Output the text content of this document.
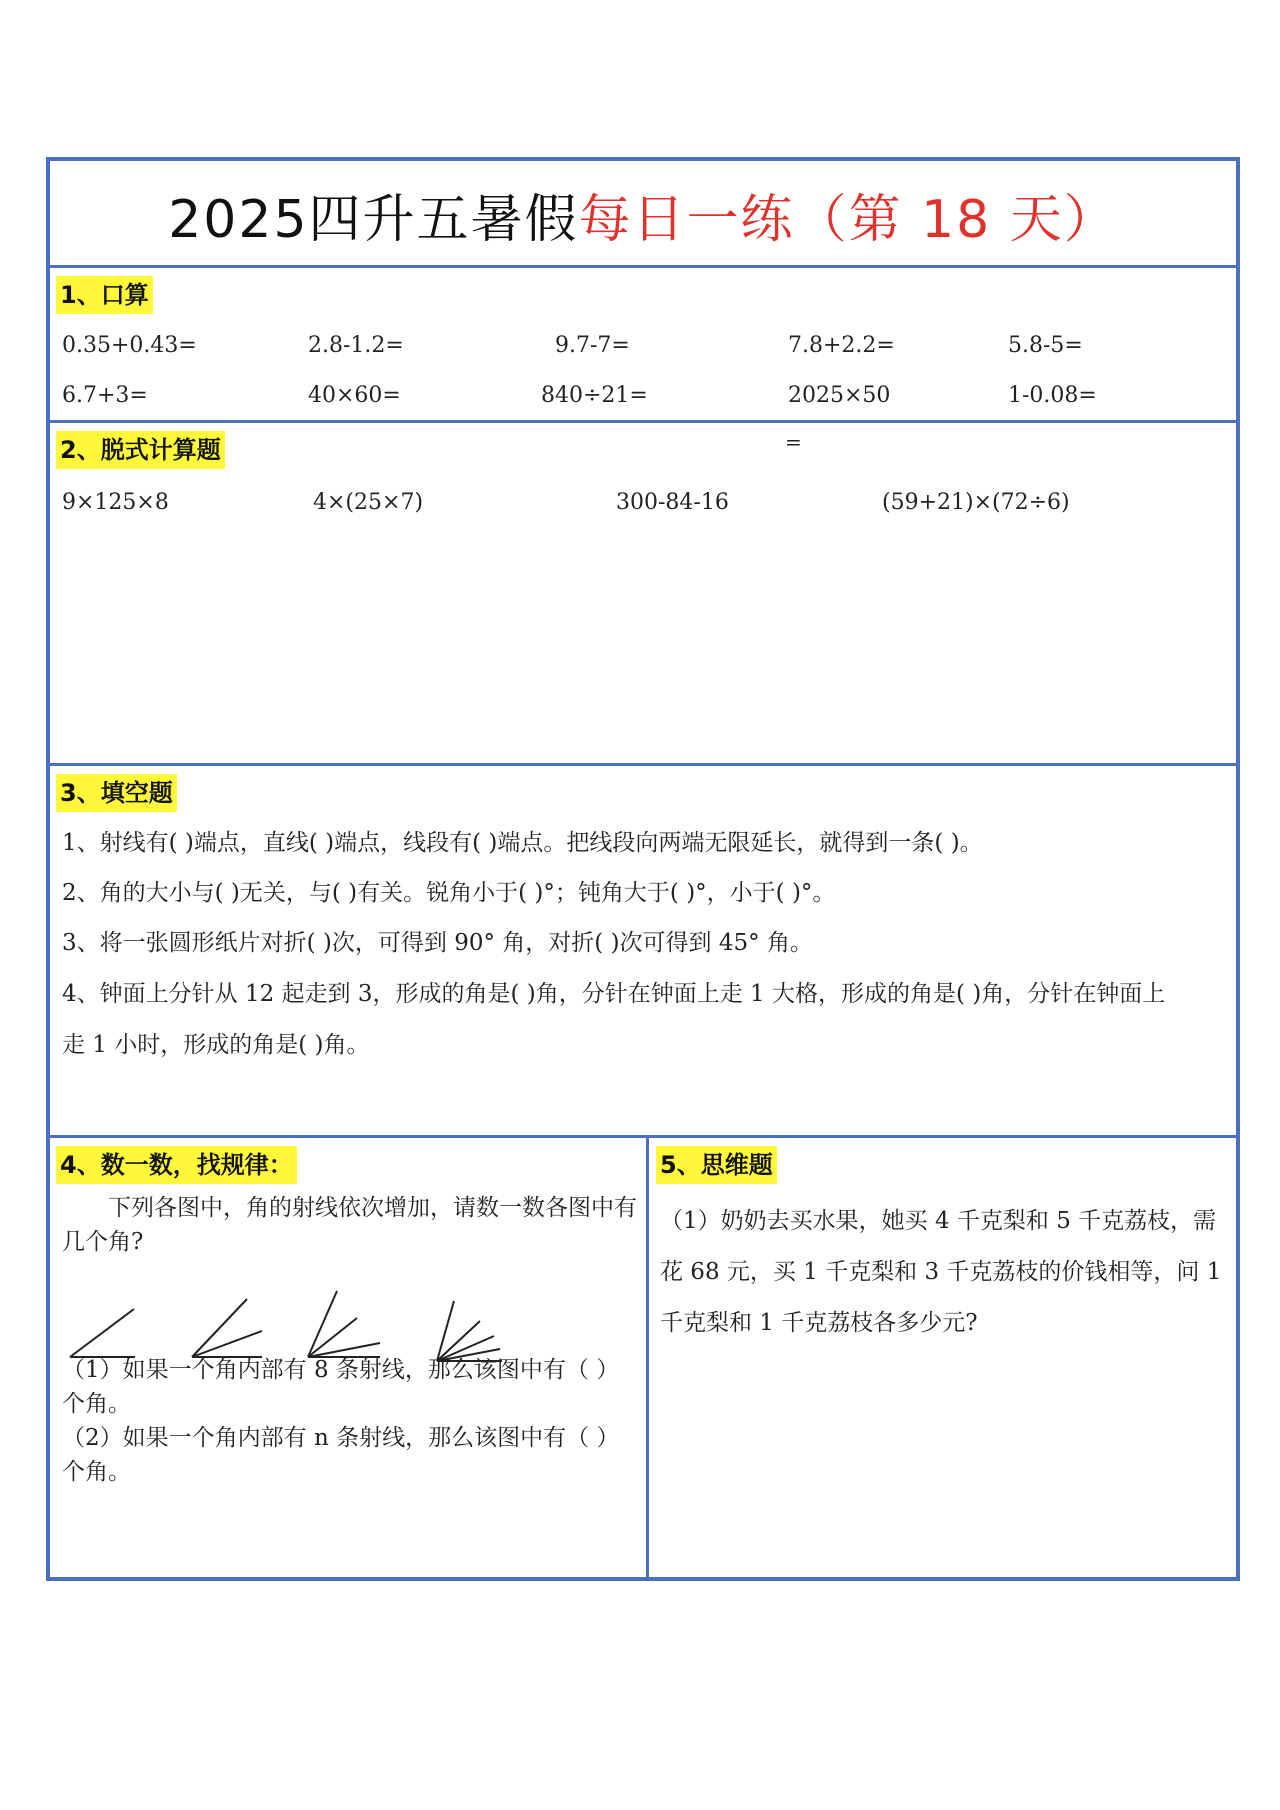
2025四升五暑假 每日一练（第 18 天）
1、口算
0.35+0.43=	2.8-1.2=	9.7-7=	7.8+2.2=	5.8-5=
6.7+3=	40×60=	840÷21=	2025×50	1-0.08=
2、脱式计算题	=
9×125×8	4×(25×7)	300-84-16	(59+21)×(72÷6)
3、填空题
1、射线有( )端点，直线( )端点，线段有( )端点。把线段向两端无限延长，就得到一条( )。
2、角的大小与( )无关，与( )有关。锐角小于( )°；钝角大于( )°，小于( )°。
3、将一张圆形纸片对折( )次，可得到 90° 角，对折( )次可得到 45° 角。
4、钟面上分针从 12 起走到 3，形成的角是( )角，分针在钟面上走 1 大格，形成的角是( )角，分针在钟面上
走 1 小时，形成的角是( )角。
4、数一数，找规律：
下列各图中，角的射线依次增加，请数一数各图中有几个角?
（1）如果一个角内部有 8 条射线，那么该图中有（ ）
个角。
（2）如果一个角内部有 n 条射线，那么该图中有（ ）
个角。
5、思维题
（1）奶奶去买水果，她买 4 千克梨和 5 千克荔枝，需花 68 元，买 1 千克梨和 3 千克荔枝的价钱相等，问 1 千克梨和 1 千克荔枝各多少元?
